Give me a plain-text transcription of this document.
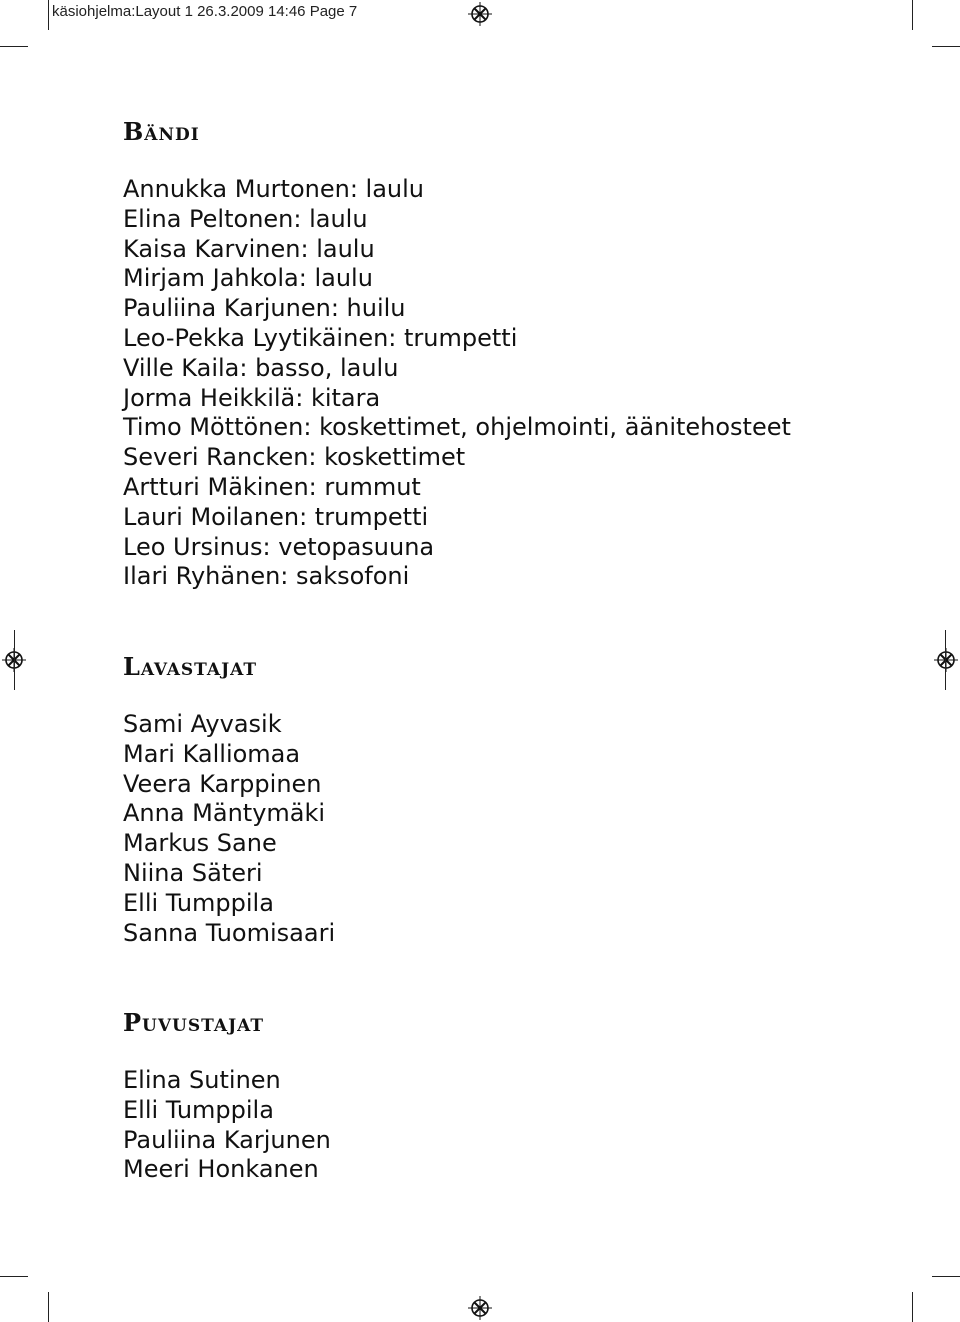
käsiohjelma:Layout 1 26.3.2009 14:46 Page 7
BÄNDI
Annukka Murtonen: laulu
Elina Peltonen: laulu
Kaisa Karvinen: laulu
Mirjam Jahkola: laulu
Pauliina Karjunen: huilu
Leo-Pekka Lyytikäinen: trumpetti
Ville Kaila: basso, laulu
Jorma Heikkilä: kitara
Timo Möttönen: koskettimet, ohjelmointi, äänitehosteet
Severi Rancken: koskettimet
Artturi Mäkinen: rummut
Lauri Moilanen: trumpetti
Leo Ursinus: vetopasuuna
Ilari Ryhänen: saksofoni
LAVASTAJAT
Sami Ayvasik
Mari Kalliomaa
Veera Karppinen
Anna Mäntymäki
Markus Sane
Niina Säteri
Elli Tumppila
Sanna Tuomisaari
PUVUSTAJAT
Elina Sutinen
Elli Tumppila
Pauliina Karjunen
Meeri Honkanen
